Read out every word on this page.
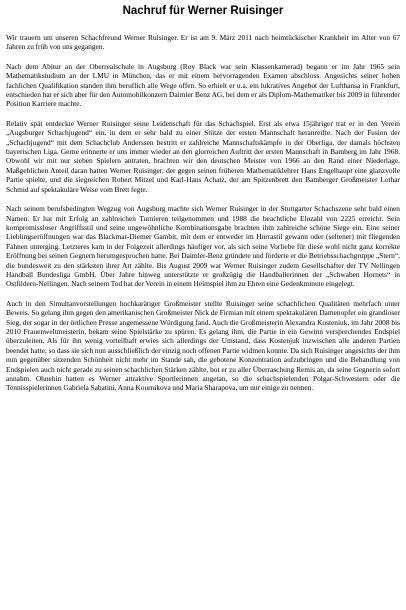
Nachruf für Werner Ruisinger

Wir trauern um unseren Schachfreund Werner Ruisinger. Er ist am 9. März 2011 nach heimtückischer Krankheit im Alter von 67 Jahren zu früh von uns gegangen.

Nach dem Abitur an der Oberrealschule in Augsburg (Roy Black war sein Klassenkamerad) begann er im Jahr 1965 sein Mathematikstudium an der LMU in München, das er mit einem hervorragenden Examen abschloss. Angesichts seiner hohen fachlichen Qualifikation standen ihm beruflich alle Wege offen. So erhielt er u.a. ein lukratives Angebot der Lufthansa in Frankfurt, entschieden hat er sich aber für den Automobilkonzern Daimler Benz AG, bei dem er als Diplom-Mathematiker bis 2009 in führender Position Karriere machte.

Relativ spät entdeckte Werner Ruisinger seine Leidenschaft für das Schachspiel. Erst als etwa 15jähriger trat er in den Verein „Augsburger Schachjugend“ ein, in dem er sehr bald zu einer Stütze der ersten Mannschaft heranreifte. Nach der Fusion der „Schachjugend“ mit dem Schachclub Anderssen bestritt er zahlreiche Mannschaftskämpfe in der Oberliga, der damals höchsten bayerischen Liga. Gerne erinnerte er uns immer wieder an den glorreichen Auftritt der ersten Mannschaft in Bamberg im Jahr 1968. Obwohl wir mit nur sieben Spielern antraten, brachten wir den deutschen Meister von 1966 an den Rand einer Niederlage. Maßgeblichen Anteil daran hatten Werner Ruisinger, der gegen seinen früheren Mathematiklehrer Hans Engelhaupt eine glanzvolle Partie spielte, und die siegreichen Robert Mitzel und Karl-Hans Achatz, der am Spitzenbrett den Bamberger Großmeister Lothar Schmid auf spektakuläre Weise vom Brett fegte.

Nach seinem berufsbedingten Wegzug von Augsburg machte sich Werner Ruisinger in der Stuttgarter Schachszene sehr bald einen Namen. Er hat mit Erfolg an zahlreichen Turnieren teilgenommen und 1988 die beachtliche Elozahl von 2225 erreicht. Sein kompromissloser Angriffsstil und seine ungewöhnliche Kombinationsgabe brachten ihm zahlreiche schöne Siege ein. Eine seiner Lieblingseröffnungen war das Blackmar-Diemer Gambit, mit dem er entweder im Hurrastil gewann oder (seltener) mit fliegenden Fahnen unterging. Letzteres kam in der Folgezeit allerdings häufiger vor, als sich seine Vorliebe für diese wohl nicht ganz korrekte Eröffnung bei seinen Gegnern herumgesprochen hatte. Bei Daimler-Benz gründete und förderte er die Betriebsschachgruppe „Stern“, die bundesweit zu den stärksten ihrer Art zählte. Bis August 2009 war Werner Ruisinger zudem Gesellschafter der TV Nellingen Handball Bundesliga GmbH. Über Jahre hinweg unterstützte er großzügig die Handballerinnen der „Schwaben Hornets“ in Ostfildern-Nellingen. Nach seinem Tod hat der Verein in einem Heimspiel ihm zu Ehren eine Gedenkminute eingelegt.

Auch in den Simultanvorstellungen hochkarätiger Großmeister stellte Ruisinger seine schachlichen Qualitäten mehrfach unter Beweis. So gelang ihm gegen den amerikanischen Großmeister Nick de Firmian mit einem spektakulären Damenopfer ein grandioser Sieg, der sogar in der örtlichen Presse angemessene Würdigung fand. Auch die Großmeisterin Alexandra Kosteniuk, im Jahr 2008 bis 2010 Frauenweltmeisterin, bekam seine Spielstärke zu spüren. Es gelang ihm, die Partie in ein Gewinn versprechendes Endspiel überzuleiten. Als für ihn wenig vorteilhaft erwies sich allerdings der Umstand, dass Kostenjuk inzwischen alle anderen Partien beendet hatte, so dass sie sich nun ausschließlich der einzig noch offenen Partie widmen konnte. Da sich Ruisinger angesichts der ihm nun gegenüber sitzenden Schönheit nicht mehr im Stande sah, die gebotene Konzentration aufzubringen und die Behandlung von Endspielen auch nicht gerade zu seinen schachlichen Stärken zählte, bot er zu aller Überraschung Remis an, da seine Gegnerin sofort annahm. Ohnehin hatten es Werner attraktive Sportlerinnen angetan, so die schachspielenden Polgar-Schwestern oder die Tennisspielerinnen Gabriela Sabatini, Anna Kournikova und Maria Sharapova, um nur einige zu nennen.
